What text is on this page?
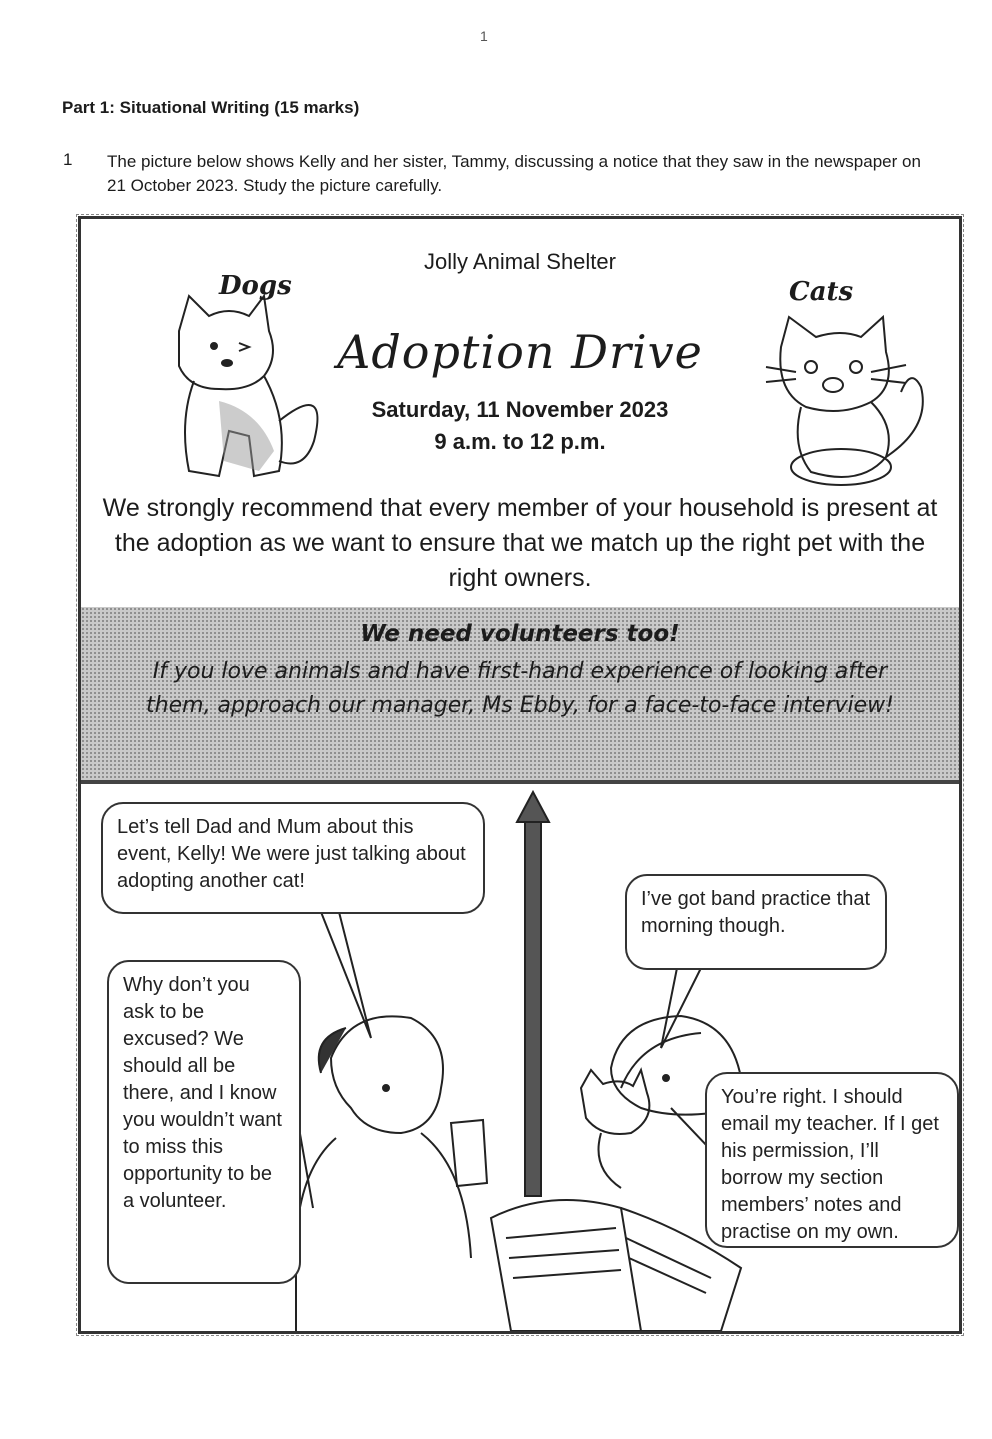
1
Part 1: Situational Writing (15 marks)
1 The picture below shows Kelly and her sister, Tammy, discussing a notice that they saw in the newspaper on 21 October 2023. Study the picture carefully.
Dogs	Cats
Jolly Animal Shelter
Adoption Drive
Saturday, 11 November 2023
9 a.m. to 12 p.m.
We strongly recommend that every member of your household is present at the adoption as we want to ensure that we match up the right pet with the right owners.
We need volunteers too!
If you love animals and have first-hand experience of looking after them, approach our manager, Ms Ebby, for a face-to-face interview!
Let’s tell Dad and Mum about this event, Kelly! We were just talking about adopting another cat!
I’ve got band practice that morning though.
Why don’t you ask to be excused? We should all be there, and I know you wouldn’t want to miss this opportunity to be a volunteer.
You’re right. I should email my teacher. If I get his permission, I’ll borrow my section members’ notes and practise on my own.
